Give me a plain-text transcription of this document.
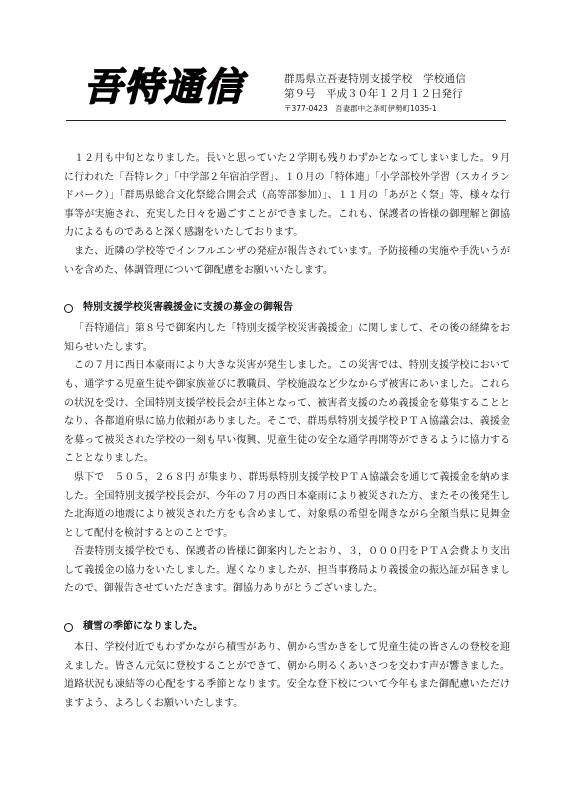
吾特通信	群馬県立吾妻特別支援学校　学校通信
第９号　平成３０年１２月１２日発行
〒377-0423　吾妻郡中之条町伊勢町1035-1

１２月も中旬となりました。長いと思っていた２学期も残りわずかとなってしまいました。９月に行われた「吾特レク」「中学部２年宿泊学習」、１０月の「特体連」「小学部校外学習（スカイランドパーク）」「群馬県総合文化祭総合開会式（高等部参加）」、１１月の「あがとく祭」等、様々な行事等が実施され、充実した日々を過ごすことができました。これも、保護者の皆様の御理解と御協力によるものであると深く感謝をいたしております。

また、近隣の学校等でインフルエンザの発症が報告されています。予防接種の実施や手洗いうがいを含めた、体調管理について御配慮をお願いいたします。

特別支援学校災害義援金に支援の募金の御報告

「吾特通信」第８号で御案内した「特別支援学校災害義援金」に関しまして、その後の経緯をお知らせいたします。

この７月に西日本豪雨により大きな災害が発生しました。この災害では、特別支援学校においても、通学する児童生徒や御家族並びに教職員、学校施設など少なからず被害にあいました。これらの状況を受け、全国特別支援学校長会が主体となって、被害者支援のため義援金を募集することとなり、各都道府県に協力依頼がありました。そこで、群馬県特別支援学校ＰＴＡ協議会は、義援金を募って被災された学校の一刻も早い復興、児童生徒の安全な通学再開等ができるように協力することとなりました。

県下で　５０５，２６８円 が集まり、群馬県特別支援学校ＰＴＡ協議会を通じて義援金を納めました。全国特別支援学校長会が、今年の７月の西日本豪雨により被災された方、またその後発生した北海道の地震により被災された方をも含めまして、対象県の希望を聞きながら全額当県に見舞金として配付を検討するとのことです。

吾妻特別支援学校でも、保護者の皆様に御案内したとおり、３，０００円をＰＴＡ会費より支出して義援金の協力をいたしました。遅くなりましたが、担当事務局より義援金の振込証が届きましたので、御報告させていただきます。御協力ありがとうございました。

積雪の季節になりました。

本日、学校付近でもわずかながら積雪があり、朝から雪かきをして児童生徒の皆さんの登校を迎えました。皆さん元気に登校することができて、朝から明るくあいさつを交わす声が響きました。道路状況も凍結等の心配をする季節となります。安全な登下校について今年もまた御配慮いただけますよう、よろしくお願いいたします。
